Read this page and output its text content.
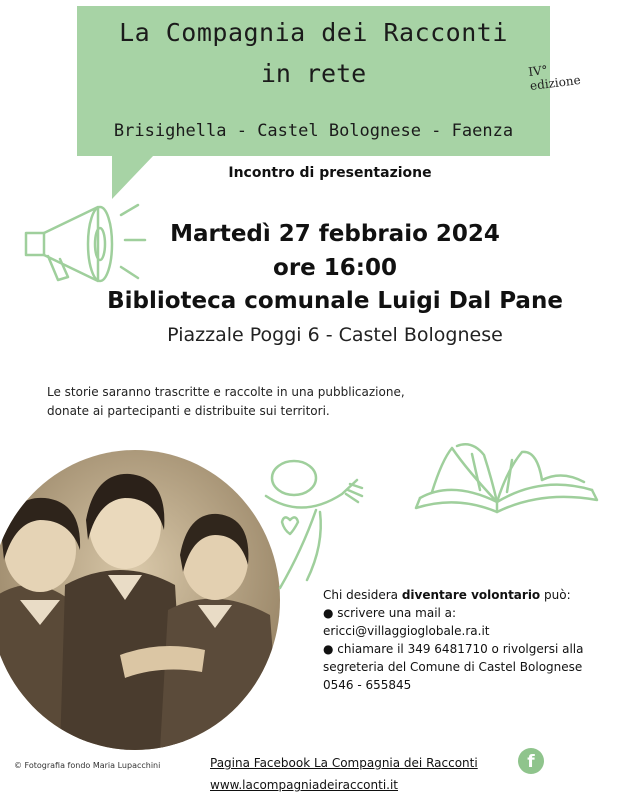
La Compagnia dei Racconti
in rete	IV° edizione
Brisighella - Castel Bolognese - Faenza
Incontro di presentazione
Martedì 27 febbraio 2024
ore 16:00
Biblioteca comunale Luigi Dal Pane
Piazzale Poggi 6 - Castel Bolognese
Le storie saranno trascritte e raccolte in una pubblicazione,
donate ai partecipanti e distribuite sui territori.
© Fotografia fondo Maria Lupacchini
Chi desidera diventare volontario può:
● scrivere una mail a:
ericci@villaggioglobale.ra.it
● chiamare il 349 6481710 o rivolgersi alla
segreteria del Comune di Castel Bolognese
0546 - 655845
Pagina Facebook La Compagnia dei Racconti
www.lacompagniadeiracconti.it
f
